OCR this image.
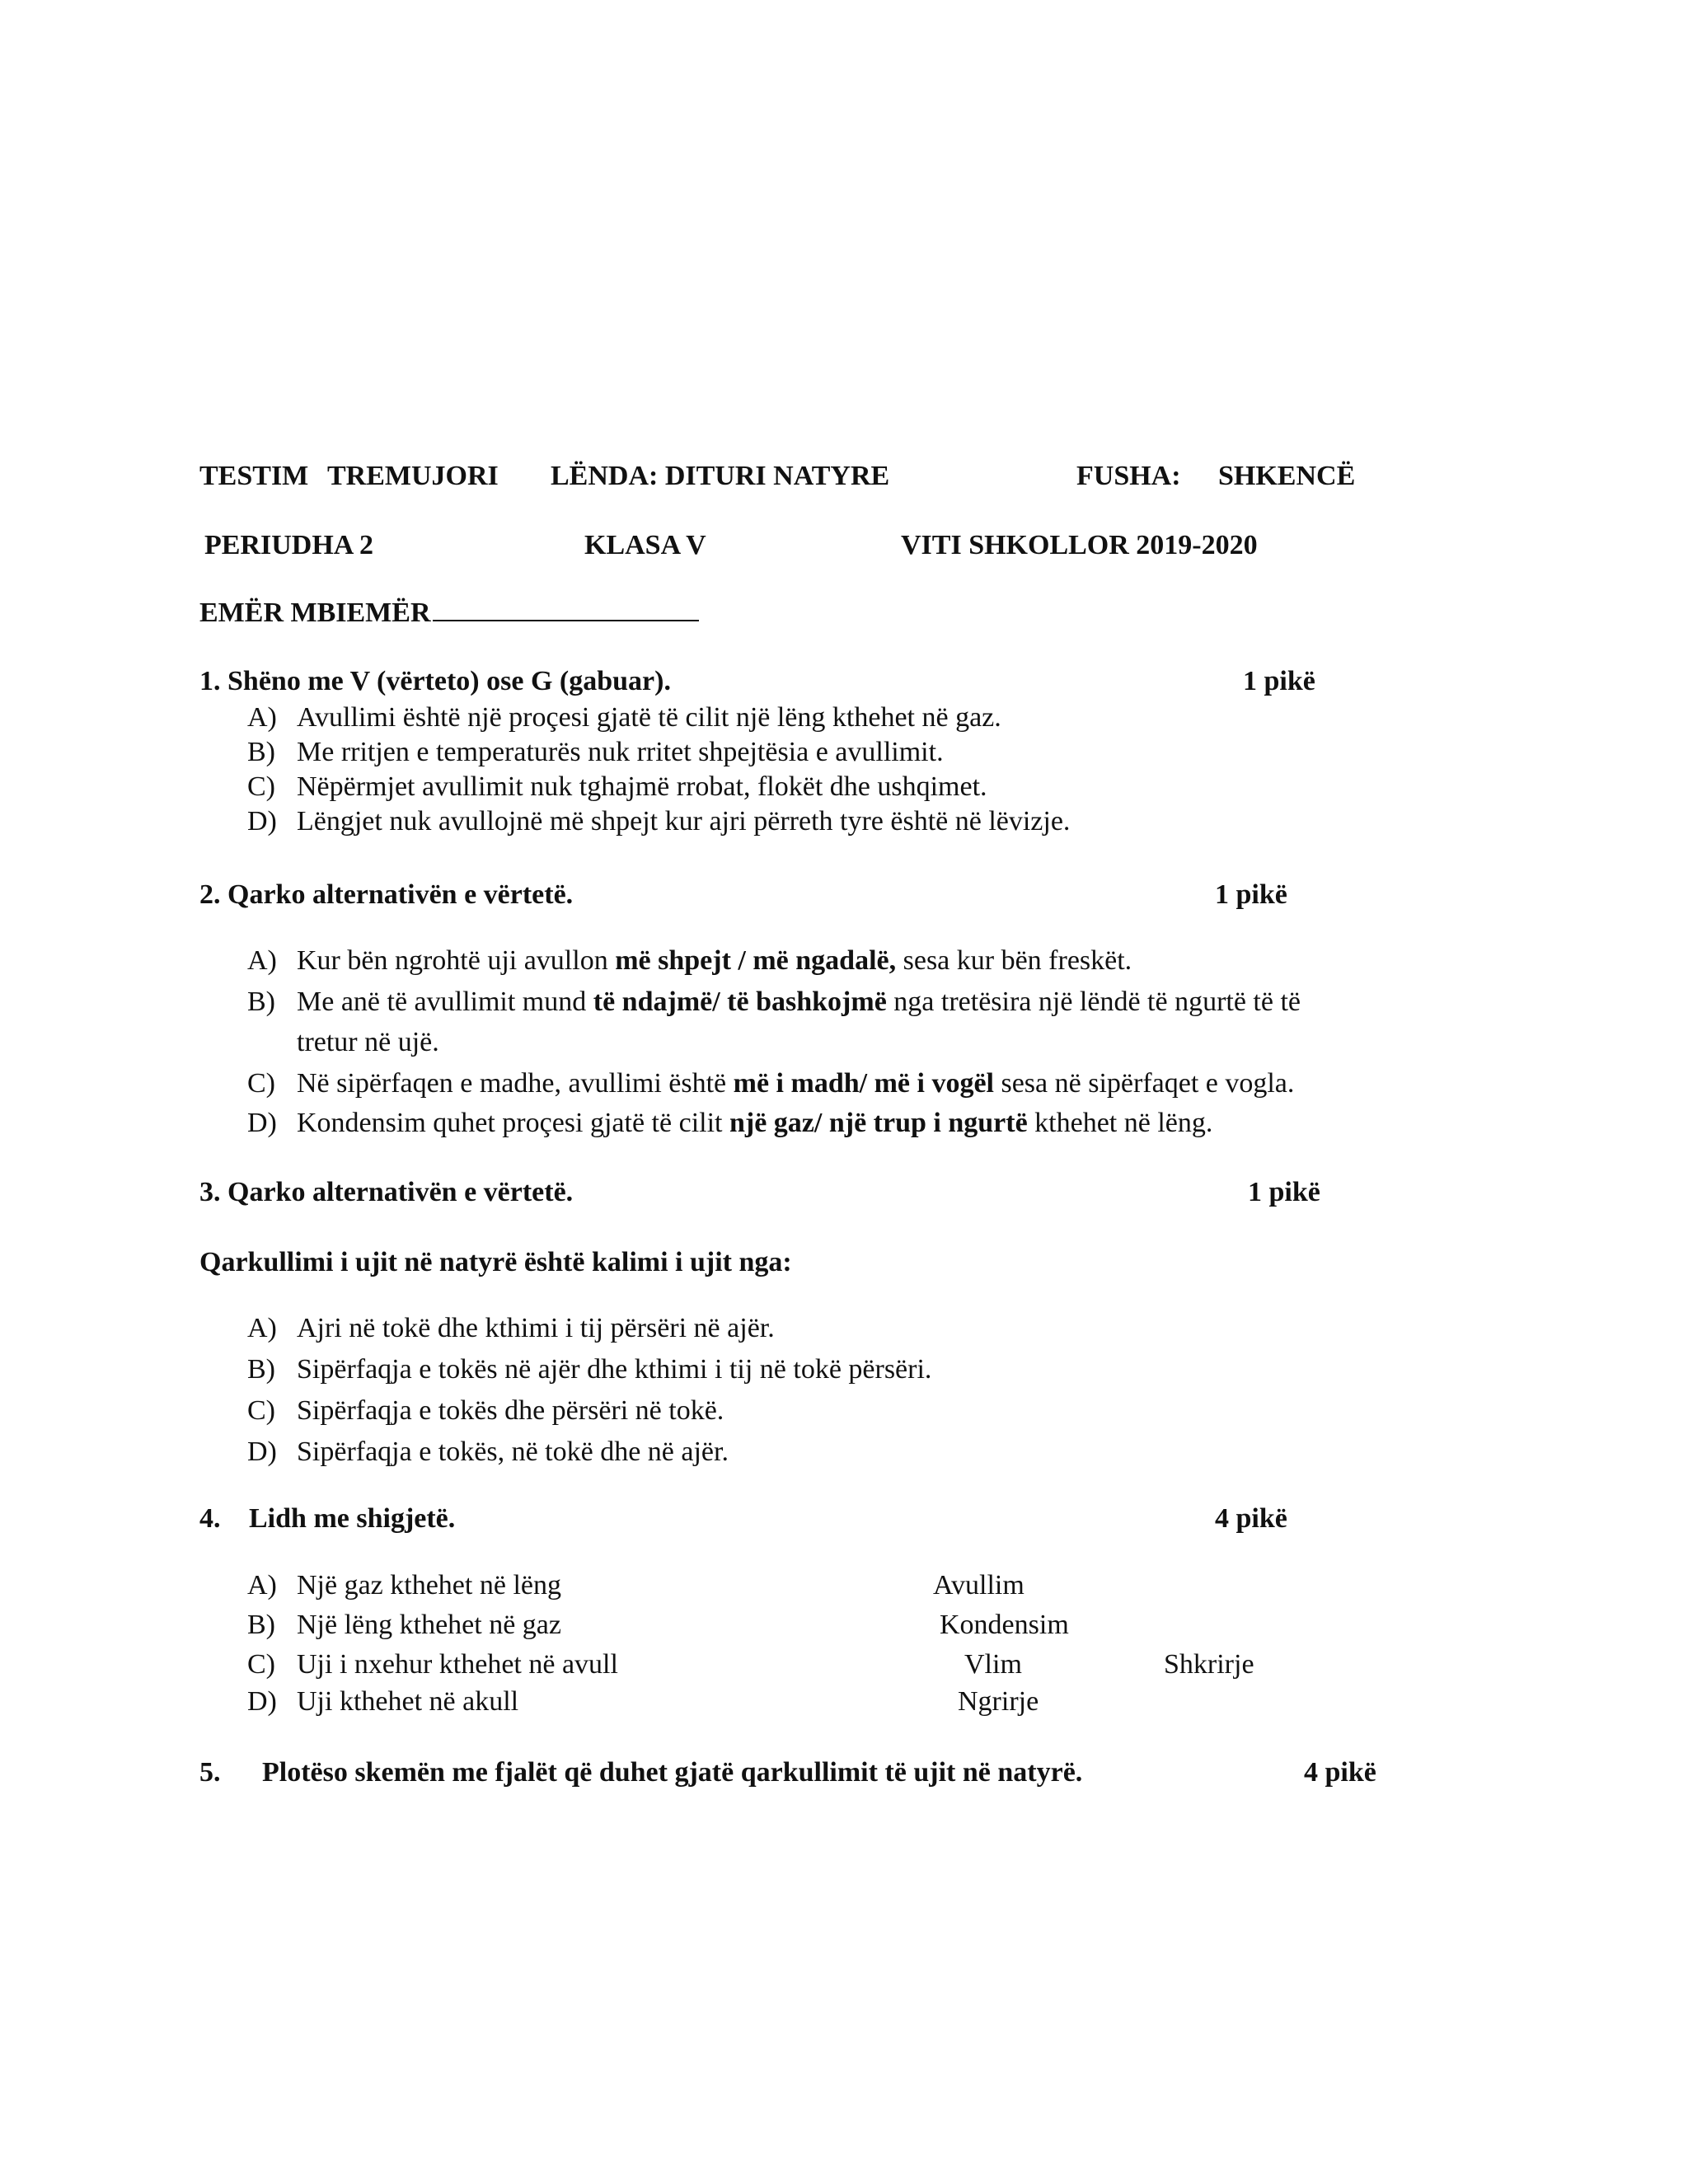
TESTIM TREMUJORI LËNDA: DITURI NATYRE	FUSHA: SHKENCË
PERIUDHA 2	KLASA V	VITI SHKOLLOR 2019-2020
EMËR MBIEMËR
1. Shëno me V (vërteto) ose G (gabuar).	1 pikë
A) Avullimi është një proçesi gjatë të cilit një lëng kthehet në gaz.
B) Me rritjen e temperaturës nuk rritet shpejtësia e avullimit.
C) Nëpërmjet avullimit nuk tghajmë rrobat, flokët dhe ushqimet.
D) Lëngjet nuk avullojnë më shpejt kur ajri përreth tyre është në lëvizje.
2. Qarko alternativën e vërtetë.	1 pikë
A) Kur bën ngrohtë uji avullon më shpejt / më ngadalë, sesa kur bën freskët.
B) Me anë të avullimit mund të ndajmë/ të bashkojmë nga tretësira një lëndë të ngurtë të të
tretur në ujë.
C) Në sipërfaqen e madhe, avullimi është më i madh/ më i vogël sesa në sipërfaqet e vogla.
D) Kondensim quhet proçesi gjatë të cilit një gaz/ një trup i ngurtë kthehet në lëng.
3. Qarko alternativën e vërtetë.	1 pikë
Qarkullimi i ujit në natyrë është kalimi i ujit nga:
A) Ajri në tokë dhe kthimi i tij përsëri në ajër.
B) Sipërfaqja e tokës në ajër dhe kthimi i tij në tokë përsëri.
C) Sipërfaqja e tokës dhe përsëri në tokë.
D) Sipërfaqja e tokës, në tokë dhe në ajër.
4. Lidh me shigjetë.	4 pikë
A) Një gaz kthehet në lëng	Avullim
B) Një lëng kthehet në gaz	Kondensim
C) Uji i nxehur kthehet në avull	Vlim	Shkrirje
D) Uji kthehet në akull	Ngrirje
5. Plotëso skemën me fjalët që duhet gjatë qarkullimit të ujit në natyrë.	4 pikë
